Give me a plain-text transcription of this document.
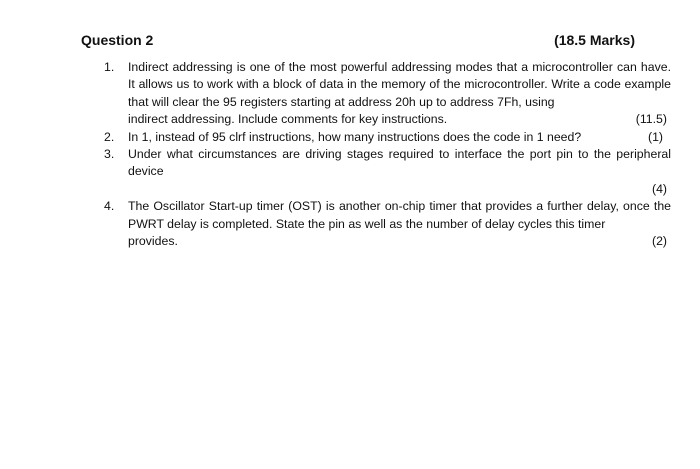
Question 2	(18.5 Marks)
1.	Indirect addressing is one of the most powerful addressing modes that a microcontroller can have. It allows us to work with a block of data in the memory of the microcontroller. Write a code example that will clear the 95 registers starting at address 20h up to address 7Fh, using
indirect addressing. Include comments for key instructions.	(11.5)
2.	In 1, instead of 95 clrf instructions, how many instructions does the code in 1 need?	(1)
3.	Under what circumstances are driving stages required to interface the port pin to the peripheral device
(4)
4.	The Oscillator Start-up timer (OST) is another on-chip timer that provides a further delay, once the PWRT delay is completed. State the pin as well as the number of delay cycles this timer
provides.	(2)
